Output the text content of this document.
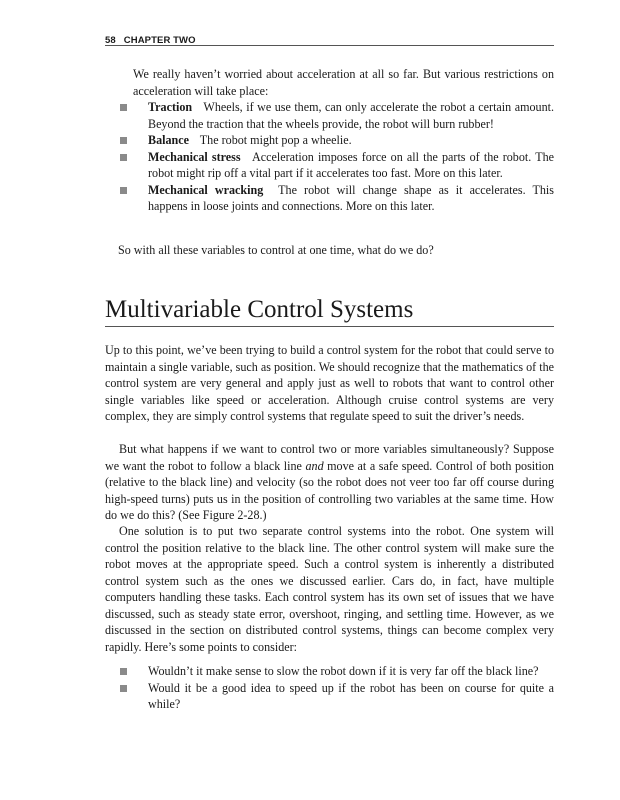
58 CHAPTER TWO

We really haven’t worried about acceleration at all so far. But various restrictions on acceleration will take place:

Traction Wheels, if we use them, can only accelerate the robot a certain amount. Beyond the traction that the wheels provide, the robot will burn rubber!
Balance The robot might pop a wheelie.
Mechanical stress Acceleration imposes force on all the parts of the robot. The robot might rip off a vital part if it accelerates too fast. More on this later.
Mechanical wracking The robot will change shape as it accelerates. This happens in loose joints and connections. More on this later.

So with all these variables to control at one time, what do we do?

Multivariable Control Systems

Up to this point, we’ve been trying to build a control system for the robot that could serve to maintain a single variable, such as position. We should recognize that the mathematics of the control system are very general and apply just as well to robots that want to control other single variables like speed or acceleration. Although cruise control systems are very complex, they are simply control systems that regulate speed to suit the driver’s needs.

But what happens if we want to control two or more variables simultaneously? Suppose we want the robot to follow a black line and move at a safe speed. Control of both position (relative to the black line) and velocity (so the robot does not veer too far off course during high-speed turns) puts us in the position of controlling two variables at the same time. How do we do this? (See Figure 2-28.)

One solution is to put two separate control systems into the robot. One system will control the position relative to the black line. The other control system will make sure the robot moves at the appropriate speed. Such a control system is inherently a distributed control system such as the ones we discussed earlier. Cars do, in fact, have multiple computers handling these tasks. Each control system has its own set of issues that we have discussed, such as steady state error, overshoot, ringing, and settling time. However, as we discussed in the section on distributed control systems, things can become complex very rapidly. Here’s some points to consider:

Wouldn’t it make sense to slow the robot down if it is very far off the black line?
Would it be a good idea to speed up if the robot has been on course for quite a while?
